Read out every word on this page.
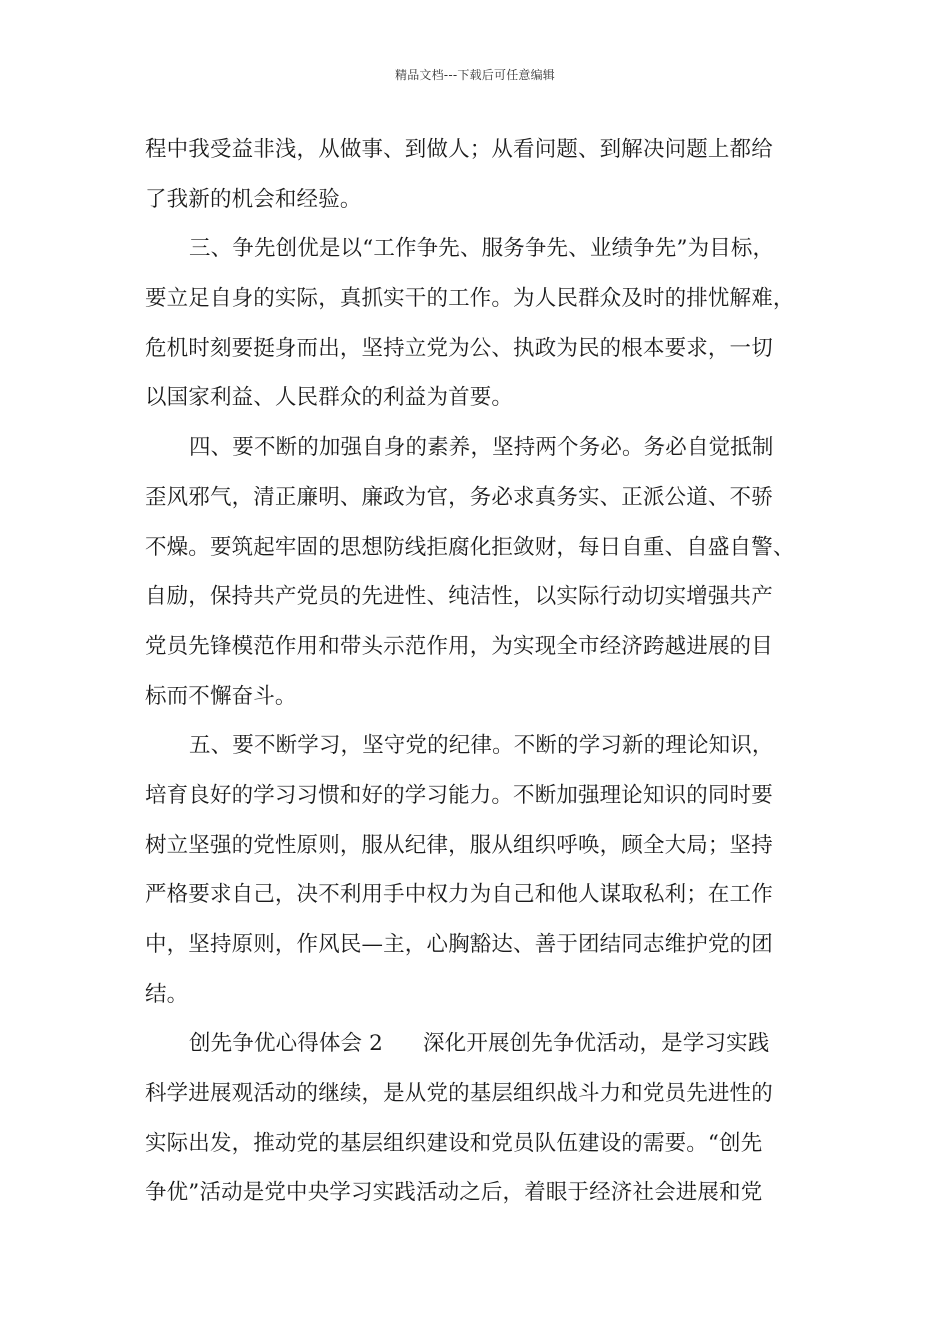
精品文档---下载后可任意编辑
程中我受益非浅，从做事、到做人；从看问题、到解决问题上都给
了我新的机会和经验。
三、争先创优是以“工作争先、服务争先、业绩争先”为目标，
要立足自身的实际，真抓实干的工作。为人民群众及时的排忧解难，
危机时刻要挺身而出，坚持立党为公、执政为民的根本要求，一切
以国家利益、人民群众的利益为首要。
四、要不断的加强自身的素养，坚持两个务必。务必自觉抵制
歪风邪气，清正廉明、廉政为官，务必求真务实、正派公道、不骄
不燥。要筑起牢固的思想防线拒腐化拒敛财，每日自重、自盛自警、
自励，保持共产党员的先进性、纯洁性，以实际行动切实增强共产
党员先锋模范作用和带头示范作用，为实现全市经济跨越进展的目
标而不懈奋斗。
五、要不断学习，坚守党的纪律。不断的学习新的理论知识，
培育良好的学习习惯和好的学习能力。不断加强理论知识的同时要
树立坚强的党性原则，服从纪律，服从组织呼唤，顾全大局；坚持
严格要求自己，决不利用手中权力为自己和他人谋取私利；在工作
中，坚持原则，作风民—主，心胸豁达、善于团结同志维护党的团
结。
创先争优心得体会 2 深化开展创先争优活动，是学习实践
科学进展观活动的继续，是从党的基层组织战斗力和党员先进性的
实际出发，推动党的基层组织建设和党员队伍建设的需要。“创先
争优”活动是党中央学习实践活动之后，着眼于经济社会进展和党
